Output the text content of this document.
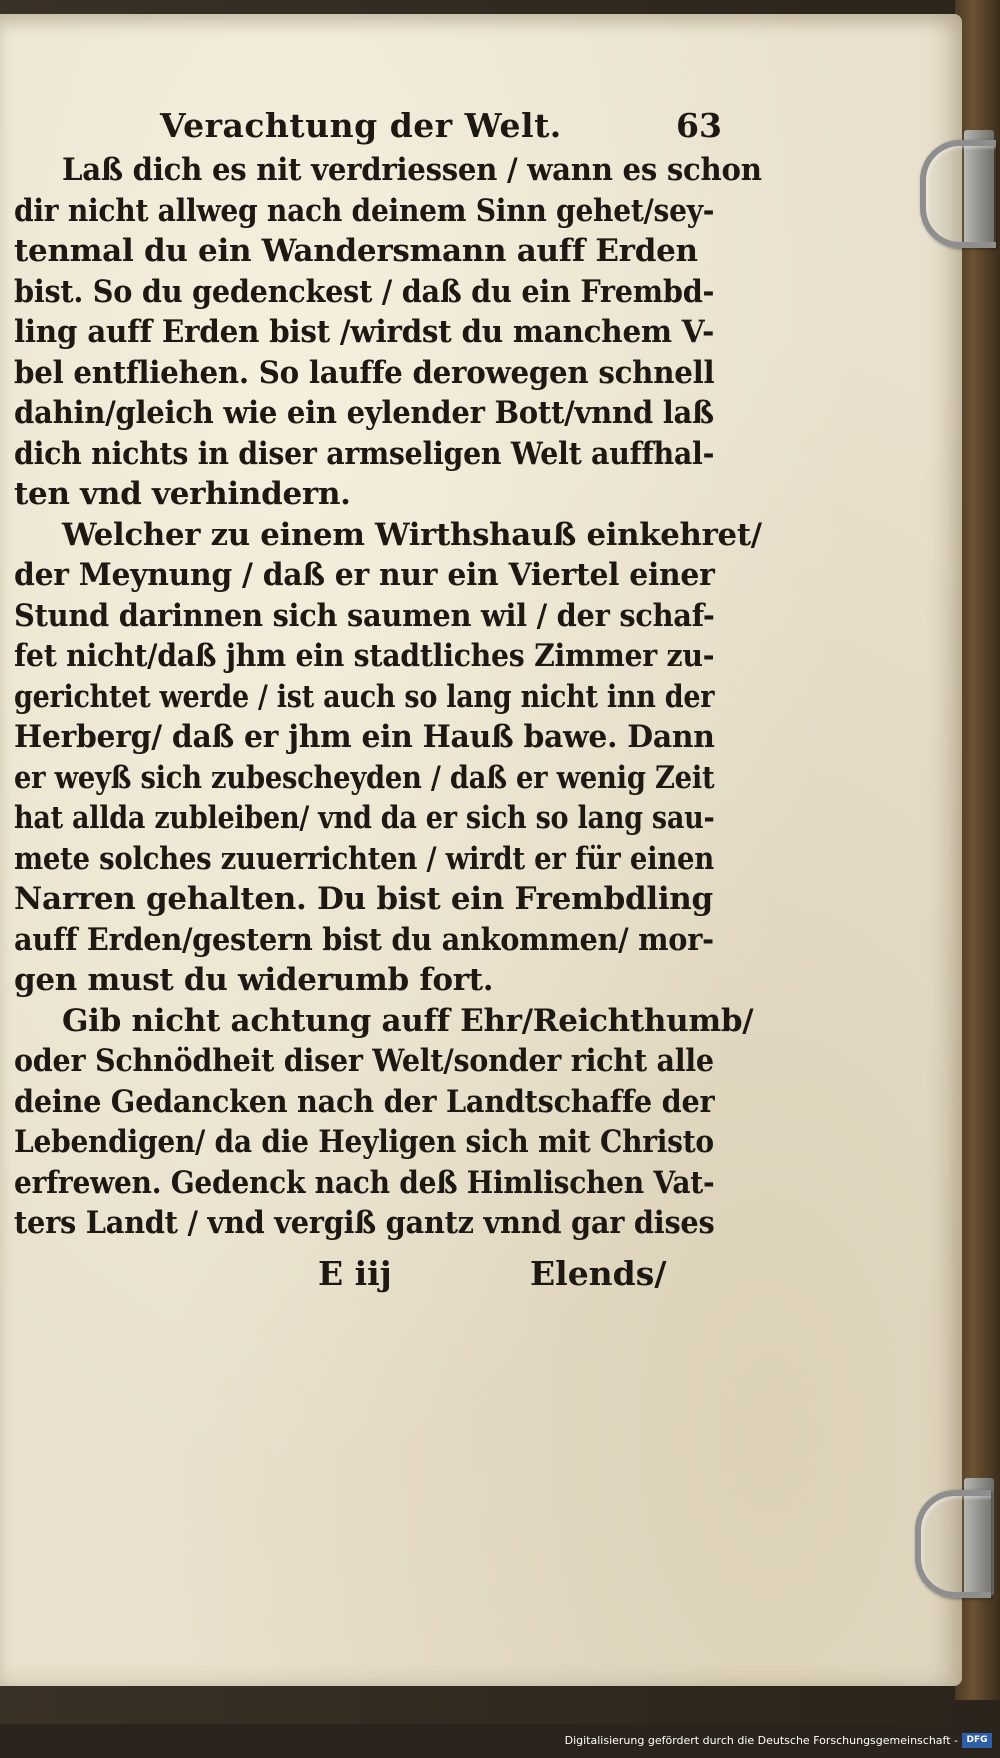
Verachtung der Welt.	63
Laß dich es nit verdriessen / wann es schon
dir nicht allweg nach deinem Sinn gehet/sey-
tenmal du ein Wandersmann auff Erden
bist. So du gedenckest / daß du ein Frembd-
ling auff Erden bist /wirdst du manchem V-
bel entfliehen. So lauffe derowegen schnell
dahin/gleich wie ein eylender Bott/vnnd laß
dich nichts in diser armseligen Welt auffhal-
ten vnd verhindern.
Welcher zu einem Wirthshauß einkehret/
der Meynung / daß er nur ein Viertel einer
Stund darinnen sich saumen wil / der schaf-
fet nicht/daß jhm ein stadtliches Zimmer zu-
gerichtet werde / ist auch so lang nicht inn der
Herberg/ daß er jhm ein Hauß bawe. Dann
er weyß sich zubescheyden / daß er wenig Zeit
hat allda zubleiben/ vnd da er sich so lang sau-
mete solches zuuerrichten / wirdt er für einen
Narren gehalten. Du bist ein Frembdling
auff Erden/gestern bist du ankommen/ mor-
gen must du widerumb fort.
Gib nicht achtung auff Ehr/Reichthumb/
oder Schnödheit diser Welt/sonder richt alle
deine Gedancken nach der Landtschaffe der
Lebendigen/ da die Heyligen sich mit Christo
erfrewen. Gedenck nach deß Himlischen Vat-
ters Landt / vnd vergiß gantz vnnd gar dises
E iij	Elends/
Digitalisierung gefördert durch die Deutsche Forschungsgemeinschaft - DFG
